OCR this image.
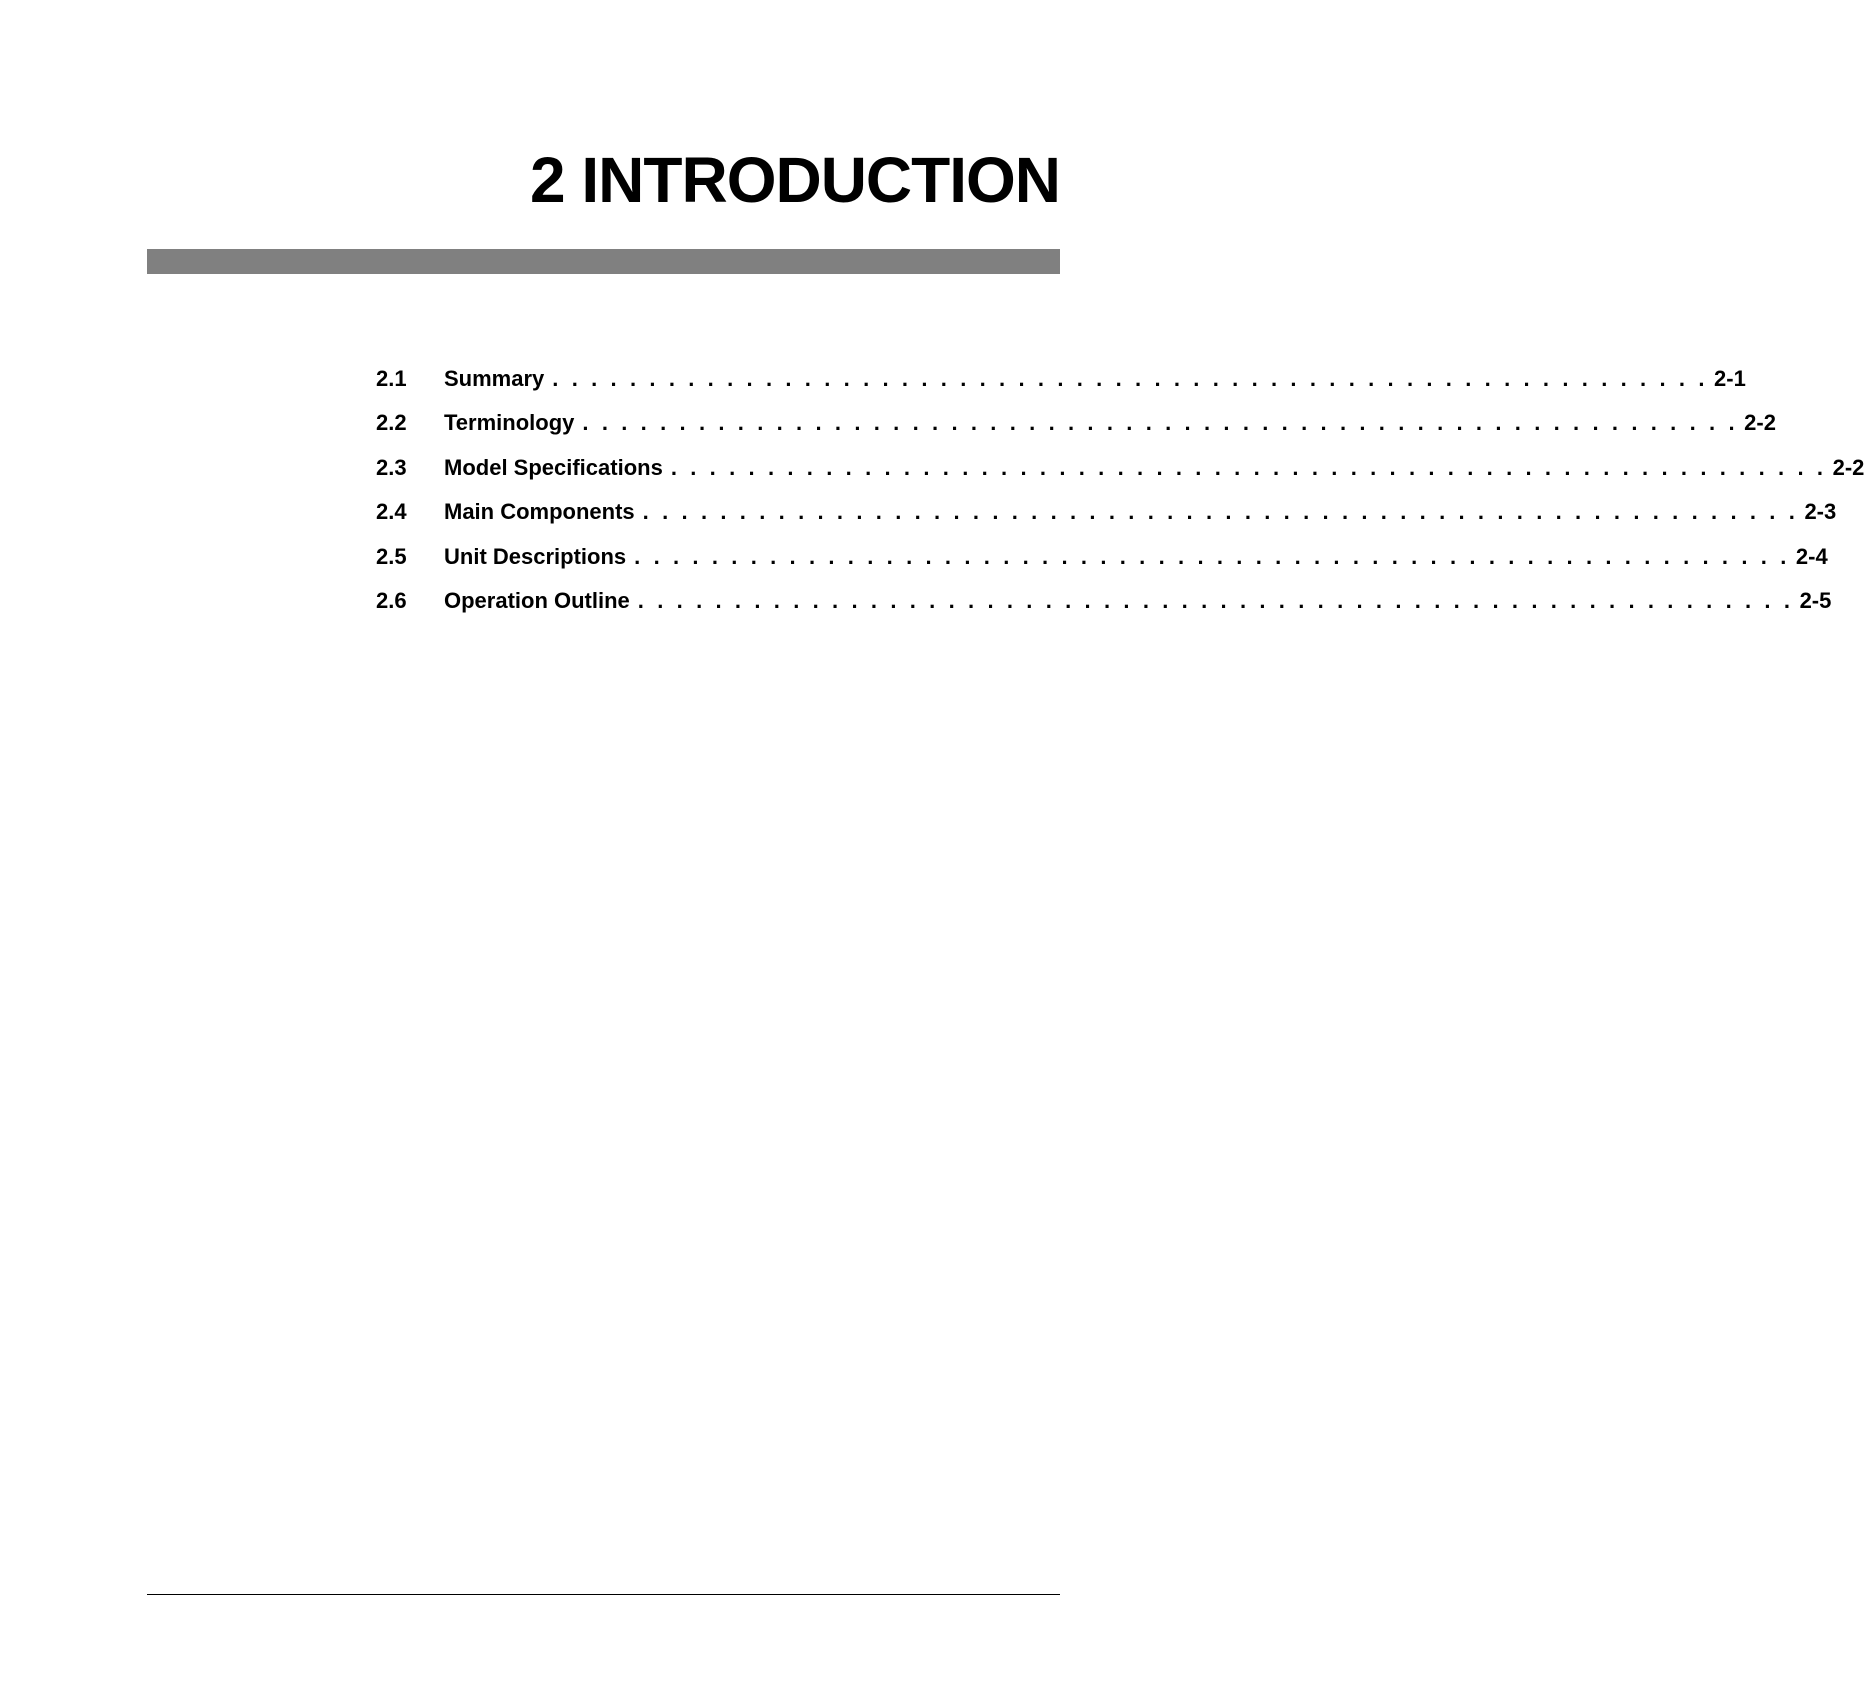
2 INTRODUCTION
2.1	Summary . . . . . . . . . . . . . . . . . . . . . . . . . . . . . . . . . . . . . . . . . . . . . . . . . . . . . . . . . . . . 2-1
2.2	Terminology . . . . . . . . . . . . . . . . . . . . . . . . . . . . . . . . . . . . . . . . . . . . . . . . . . . . . . . . . . . . 2-2
2.3	Model Specifications . . . . . . . . . . . . . . . . . . . . . . . . . . . . . . . . . . . . . . . . . . . . . . . . . . . . . . . . . . . . 2-2
2.4	Main Components . . . . . . . . . . . . . . . . . . . . . . . . . . . . . . . . . . . . . . . . . . . . . . . . . . . . . . . . . . . . 2-3
2.5	Unit Descriptions . . . . . . . . . . . . . . . . . . . . . . . . . . . . . . . . . . . . . . . . . . . . . . . . . . . . . . . . . . . . 2-4
2.6	Operation Outline . . . . . . . . . . . . . . . . . . . . . . . . . . . . . . . . . . . . . . . . . . . . . . . . . . . . . . . . . . . . 2-5
